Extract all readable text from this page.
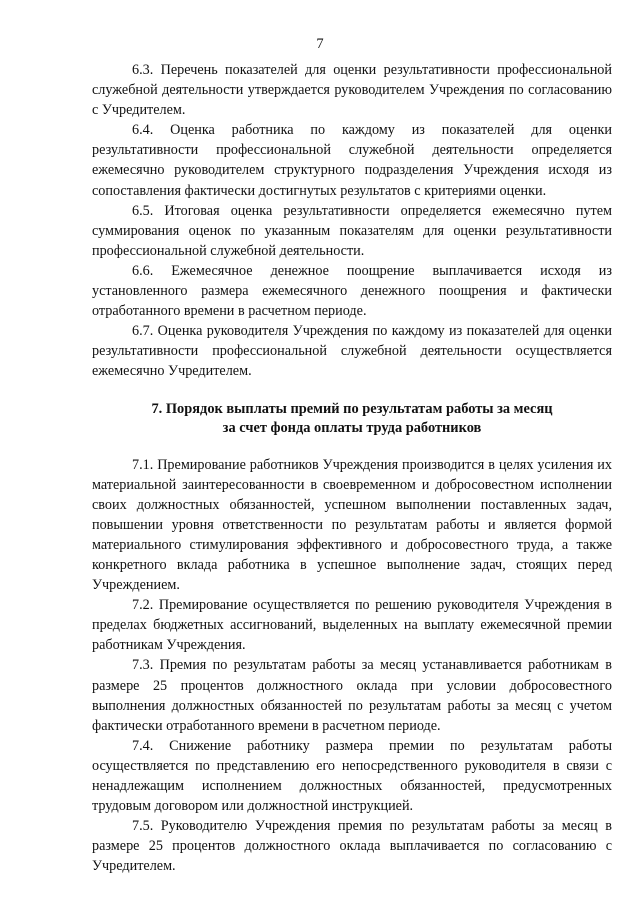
7

6.3. Перечень показателей для оценки результативности профессиональной служебной деятельности утверждается руководителем Учреждения по согласованию с Учредителем.

6.4. Оценка работника по каждому из показателей для оценки результативности профессиональной служебной деятельности определяется ежемесячно руководителем структурного подразделения Учреждения исходя из сопоставления фактически достигнутых результатов с критериями оценки.

6.5. Итоговая оценка результативности определяется ежемесячно путем суммирования оценок по указанным показателям для оценки результативности профессиональной служебной деятельности.

6.6. Ежемесячное денежное поощрение выплачивается исходя из установленного размера ежемесячного денежного поощрения и фактически отработанного времени в расчетном периоде.

6.7. Оценка руководителя Учреждения по каждому из показателей для оценки результативности профессиональной служебной деятельности осуществляется ежемесячно Учредителем.

7. Порядок выплаты премий по результатам работы за месяц
за счет фонда оплаты труда работников

7.1. Премирование работников Учреждения производится в целях усиления их материальной заинтересованности в своевременном и добросовестном исполнении своих должностных обязанностей, успешном выполнении поставленных задач, повышении уровня ответственности по результатам работы и является формой материального стимулирования эффективного и добросовестного труда, а также конкретного вклада работника в успешное выполнение задач, стоящих перед Учреждением.

7.2. Премирование осуществляется по решению руководителя Учреждения в пределах бюджетных ассигнований, выделенных на выплату ежемесячной премии работникам Учреждения.

7.3. Премия по результатам работы за месяц устанавливается работникам в размере 25 процентов должностного оклада при условии добросовестного выполнения должностных обязанностей по результатам работы за месяц с учетом фактически отработанного времени в расчетном периоде.

7.4. Снижение работнику размера премии по результатам работы осуществляется по представлению его непосредственного руководителя в связи с ненадлежащим исполнением должностных обязанностей, предусмотренных трудовым договором или должностной инструкцией.

7.5. Руководителю Учреждения премия по результатам работы за месяц в размере 25 процентов должностного оклада выплачивается по согласованию с Учредителем.
